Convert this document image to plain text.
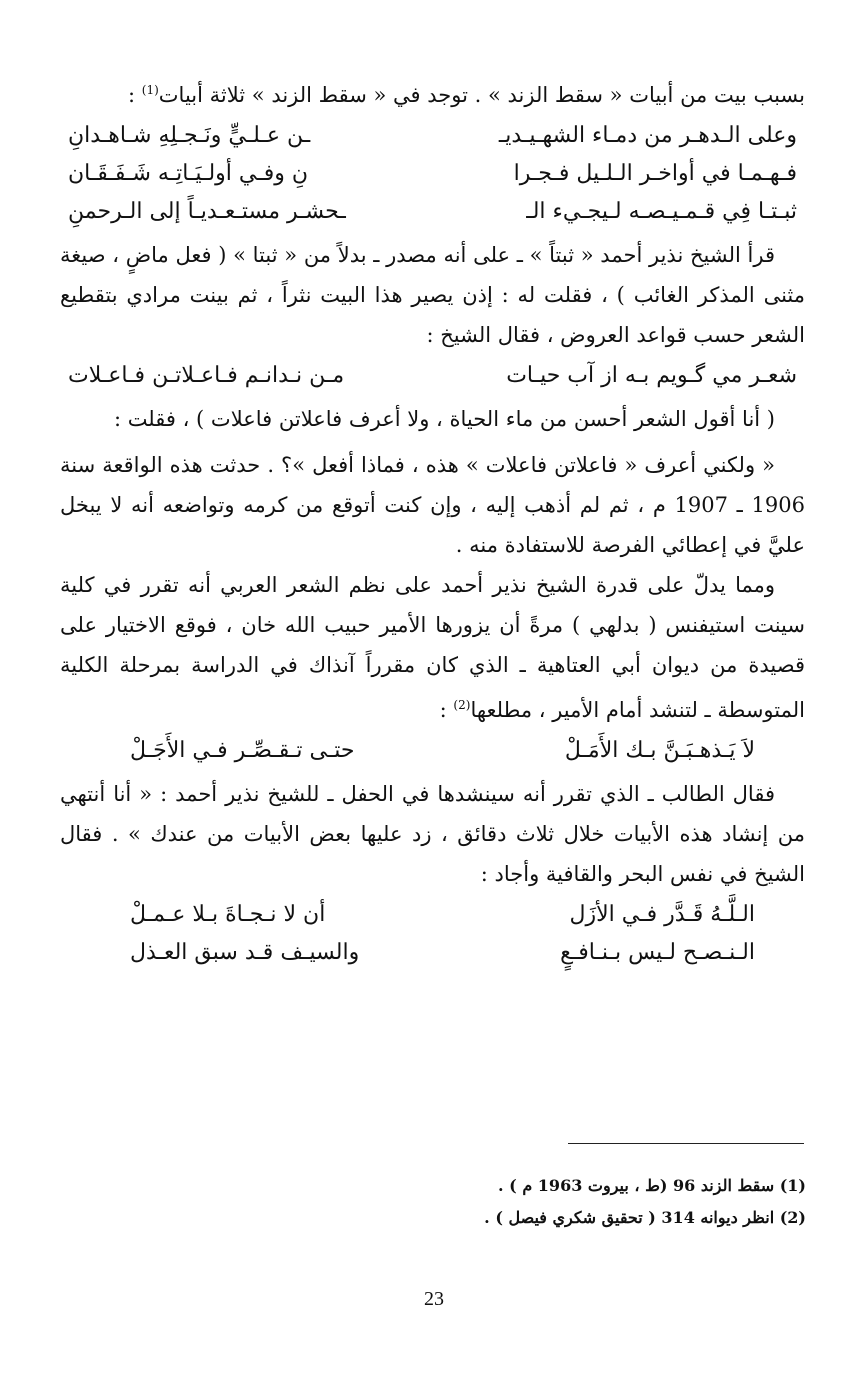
بسبب بيت من أبيات « سقط الزند » . توجد في « سقط الزند » ثلاثة أبيات$^{(1)}$ :

وعلى الـدهـر من دمـاء الشهـيـديـ
ـن عـلـيٍّ ونَـجـلِهِ شـاهـدانِ
فـهـمـا في أواخـر الـلـيل فـجـرا
نِ وفـي أولـيَـاتِـه شَـفَـقَـان
ثبـتـا فِي قـمـيـصـه لـيجـيء الـ
ـحشـر مستـعـديـاً إلى الـرحمنِ

قرأ الشيخ نذير أحمد « ثبتاً » ـ على أنه مصدر ـ بدلاً من « ثبتا » ( فعل ماضٍ ، صيغة مثنى المذكر الغائب ) ، فقلت له : إذن يصير هذا البيت نثراً ، ثم بينت مرادي بتقطيع الشعر حسب قواعد العروض ، فقال الشيخ :

شعـر مي گـويم بـه از آب حيـات
مـن نـدانـم فـاعـلاتـن فـاعـلات

( أنا أقول الشعر أحسن من ماء الحياة ، ولا أعرف فاعلاتن فاعلات ) ، فقلت :

« ولكني أعرف « فاعلاتن فاعلات » هذه ، فماذا أفعل »؟ . حدثت هذه الواقعة سنة 1906 ـ 1907 م ، ثم لم أذهب إليه ، وإن كنت أتوقع من كرمه وتواضعه أنه لا يبخل عليَّ في إعطائي الفرصة للاستفادة منه .

ومما يدلّ على قدرة الشيخ نذير أحمد على نظم الشعر العربي أنه تقرر في كلية سينت استيفنس ( بدلهي ) مرةً أن يزورها الأمير حبيب الله خان ، فوقع الاختيار على قصيدة من ديوان أبي العتاهية ـ الذي كان مقرراً آنذاك في الدراسة بمرحلة الكلية المتوسطة ـ لتنشد أمام الأمير ، مطلعها$^{(2)}$ :

لاَ يَـذهـبَـنَّ بـك الأَمَـلْ
حتـى تـقـصِّـر فـي الأَجَـلْ

فقال الطالب ـ الذي تقرر أنه سينشدها في الحفل ـ للشيخ نذير أحمد : « أنا أنتهي من إنشاد هذه الأبيات خلال ثلاث دقائق ، زد عليها بعض الأبيات من عندك » . فقال الشيخ في نفس البحر والقافية وأجاد :

الـلَّـهُ قَـدَّر فـي الأزَل
أن لا نـجـاةَ بـلا عـمـلْ
الـنـصـح لـيس بـنـافـعٍ
والسيـف قـد سبق العـذل
(1) سقط الزند 96 (ط ، بيروت 1963 م ) .
(2) انظر ديوانه 314 ( تحقيق شكري فيصل ) .
23
